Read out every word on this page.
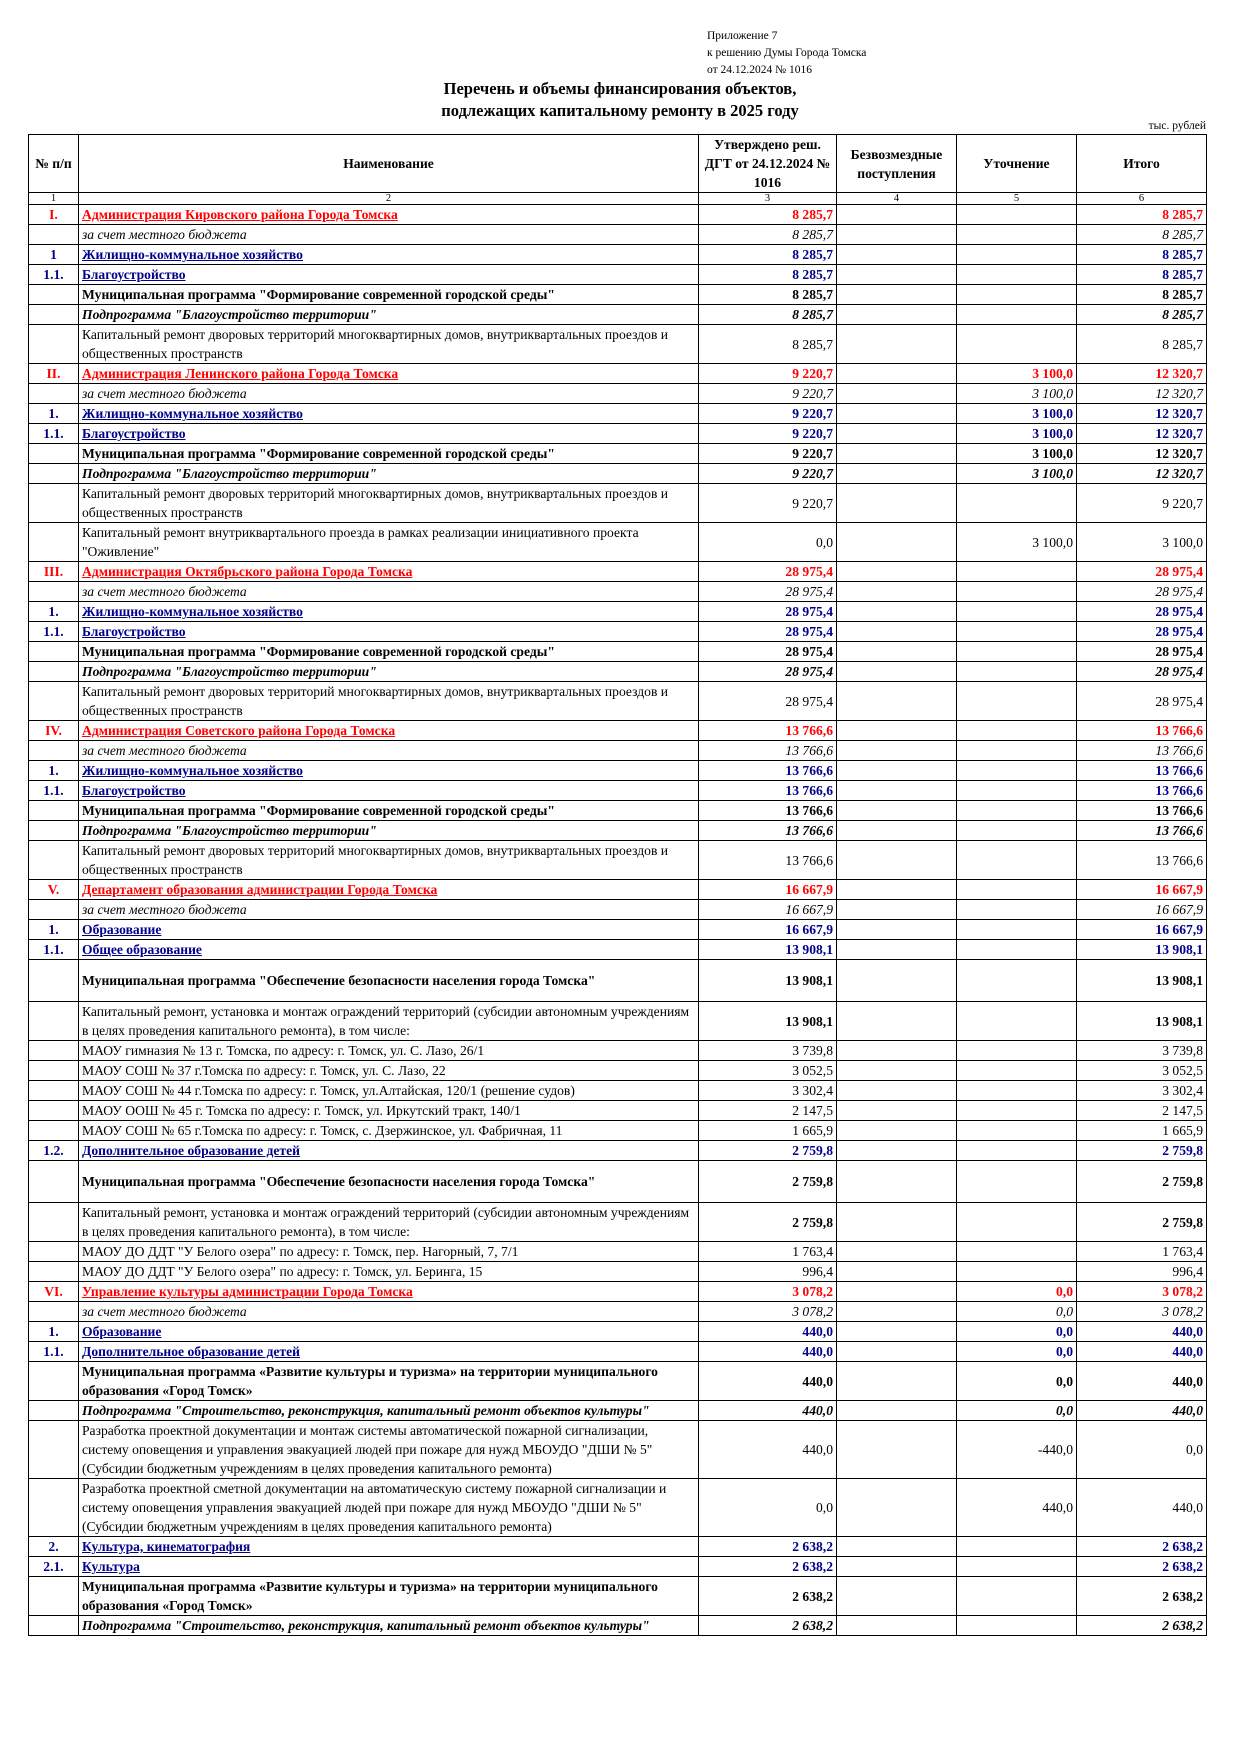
Приложение 7
к решению Думы Города Томска
от 24.12.2024 № 1016
Перечень и объемы финансирования объектов,
подлежащих капитальному ремонту в 2025 году
тыс. рублей
№ п/п	Наименование	Утверждено реш. ДГТ от 24.12.2024 № 1016	Безвозмездные поступления	Уточнение	Итого
1	2	3	4	5	6
I.	Администрация Кировского района Города Томска	8 285,7			8 285,7
	за счет местного бюджета	8 285,7			8 285,7
1	Жилищно-коммунальное хозяйство	8 285,7			8 285,7
1.1.	Благоустройство	8 285,7			8 285,7
	Муниципальная программа "Формирование современной городской среды"	8 285,7			8 285,7
	Подпрограмма "Благоустройство территории"	8 285,7			8 285,7
	Капитальный ремонт дворовых территорий многоквартирных домов, внутриквартальных проездов и общественных пространств	8 285,7			8 285,7
II.	Администрация Ленинского района Города Томска	9 220,7		3 100,0	12 320,7
	за счет местного бюджета	9 220,7		3 100,0	12 320,7
1.	Жилищно-коммунальное хозяйство	9 220,7		3 100,0	12 320,7
1.1.	Благоустройство	9 220,7		3 100,0	12 320,7
	Муниципальная программа "Формирование современной городской среды"	9 220,7		3 100,0	12 320,7
	Подпрограмма "Благоустройство территории"	9 220,7		3 100,0	12 320,7
	Капитальный ремонт дворовых территорий многоквартирных домов, внутриквартальных проездов и общественных пространств	9 220,7			9 220,7
	Капитальный ремонт внутриквартального проезда в рамках реализации инициативного проекта "Оживление"	0,0		3 100,0	3 100,0
III.	Администрация Октябрьского района Города Томска	28 975,4			28 975,4
	за счет местного бюджета	28 975,4			28 975,4
1.	Жилищно-коммунальное хозяйство	28 975,4			28 975,4
1.1.	Благоустройство	28 975,4			28 975,4
	Муниципальная программа "Формирование современной городской среды"	28 975,4			28 975,4
	Подпрограмма "Благоустройство территории"	28 975,4			28 975,4
	Капитальный ремонт дворовых территорий многоквартирных домов, внутриквартальных проездов и общественных пространств	28 975,4			28 975,4
IV.	Администрация Советского района Города Томска	13 766,6			13 766,6
	за счет местного бюджета	13 766,6			13 766,6
1.	Жилищно-коммунальное хозяйство	13 766,6			13 766,6
1.1.	Благоустройство	13 766,6			13 766,6
	Муниципальная программа "Формирование современной городской среды"	13 766,6			13 766,6
	Подпрограмма "Благоустройство территории"	13 766,6			13 766,6
	Капитальный ремонт дворовых территорий многоквартирных домов, внутриквартальных проездов и общественных пространств	13 766,6			13 766,6
V.	Департамент образования администрации Города Томска	16 667,9			16 667,9
	за счет местного бюджета	16 667,9			16 667,9
1.	Образование	16 667,9			16 667,9
1.1.	Общее образование	13 908,1			13 908,1
	Муниципальная программа "Обеспечение безопасности населения города Томска"	13 908,1			13 908,1
	Капитальный ремонт, установка и монтаж ограждений территорий (субсидии автономным учреждениям в целях проведения капитального ремонта), в том числе:	13 908,1			13 908,1
	МАОУ гимназия № 13 г. Томска, по адресу: г. Томск, ул. С. Лазо, 26/1	3 739,8			3 739,8
	МАОУ СОШ № 37 г.Томска по адресу: г. Томск, ул. С. Лазо, 22	3 052,5			3 052,5
	МАОУ СОШ № 44 г.Томска по адресу: г. Томск, ул.Алтайская, 120/1 (решение судов)	3 302,4			3 302,4
	МАОУ ООШ № 45 г. Томска по адресу: г. Томск, ул. Иркутский тракт, 140/1	2 147,5			2 147,5
	МАОУ СОШ № 65 г.Томска по адресу: г. Томск, с. Дзержинское, ул. Фабричная, 11	1 665,9			1 665,9
1.2.	Дополнительное образование детей	2 759,8			2 759,8
	Муниципальная программа "Обеспечение безопасности населения города Томска"	2 759,8			2 759,8
	Капитальный ремонт, установка и монтаж ограждений территорий (субсидии автономным учреждениям в целях проведения капитального ремонта), в том числе:	2 759,8			2 759,8
	МАОУ ДО ДДТ "У Белого озера" по адресу: г. Томск, пер. Нагорный, 7, 7/1	1 763,4			1 763,4
	МАОУ ДО ДДТ "У Белого озера" по адресу: г. Томск, ул. Беринга, 15	996,4			996,4
VI.	Управление культуры администрации Города Томска	3 078,2		0,0	3 078,2
	за счет местного бюджета	3 078,2		0,0	3 078,2
1.	Образование	440,0		0,0	440,0
1.1.	Дополнительное образование детей	440,0		0,0	440,0
	Муниципальная программа «Развитие культуры и туризма» на территории муниципального образования «Город Томск»	440,0		0,0	440,0
	Подпрограмма "Строительство, реконструкция, капитальный ремонт объектов культуры"	440,0		0,0	440,0
	Разработка проектной документации и монтаж системы автоматической пожарной сигнализации, систему оповещения и управления эвакуацией людей при пожаре для нужд МБОУДО "ДШИ № 5" (Субсидии бюджетным учреждениям в целях проведения капитального ремонта)	440,0		-440,0	0,0
	Разработка проектной сметной документации на автоматическую систему пожарной сигнализации и систему оповещения управления эвакуацией людей при пожаре для нужд МБОУДО "ДШИ № 5" (Субсидии бюджетным учреждениям в целях проведения капитального ремонта)	0,0		440,0	440,0
2.	Культура, кинематография	2 638,2			2 638,2
2.1.	Культура	2 638,2			2 638,2
	Муниципальная программа «Развитие культуры и туризма» на территории муниципального образования «Город Томск»	2 638,2			2 638,2
	Подпрограмма "Строительство, реконструкция, капитальный ремонт объектов культуры"	2 638,2			2 638,2
